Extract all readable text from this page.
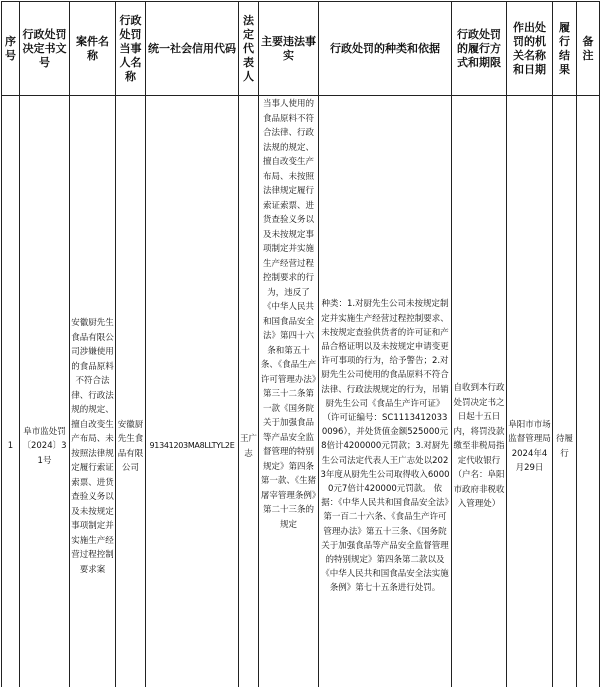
序号	行政处罚决定书文号	案件名称	行政处罚当事人名称	统一社会信用代码	法定代表人	主要违法事实	行政处罚的种类和依据	行政处罚的履行方式和期限	作出处罚的机关名称和日期	履行结果	备注
1	阜市监处罚〔2024〕31号	安徽厨先生食品有限公司涉嫌使用的食品原料不符合法律、行政法规的规定、擅自改变生产布局、未按照法律规定履行索证索票、进货查验义务以及未按规定事项制定并实施生产经营过程控制要求案	安徽厨先生食品有限公司	91341203MA8LLTYL2E	王广志	当事人使用的食品原料不符合法律、行政法规的规定、擅自改变生产布局、未按照法律规定履行索证索票、进货查验义务以及未按规定事项制定并实施生产经营过程控制要求的行为，违反了《中华人民共和国食品安全法》第四十六条和第五十条、《食品生产许可管理办法》第三十二条第一款《国务院关于加强食品等产品安全监督管理的特别规定》第四条第一款、《生猪屠宰管理条例》第二十三条的规定	种类：1.对厨先生公司未按规定制定并实施生产经营过程控制要求、未按规定查验供货者的许可证和产品合格证明以及未按规定申请变更许可事项的行为，给予警告；2.对厨先生公司使用的食品原料不符合法律、行政法规规定的行为，吊销厨先生公司《食品生产许可证》（许可证编号：SC11134120330096），并处货值金额525000元8倍计4200000元罚款；3.对厨先生公司法定代表人王广志处以2023年度从厨先生公司取得收入60000元7倍计420000元罚款。 依据：《中华人民共和国食品安全法》第一百二十六条、《食品生产许可管理办法》第五十三条、《国务院关于加强食品等产品安全监督管理的特别规定》第四条第二款以及《中华人民共和国食品安全法实施条例》第七十五条进行处罚。	自收到本行政处罚决定书之日起十五日内，将罚没款缴至非税局指定代收银行（户名：阜阳市政府非税收入管理处）	阜阳市市场监督管理局 2024年4月29日	待履行	
